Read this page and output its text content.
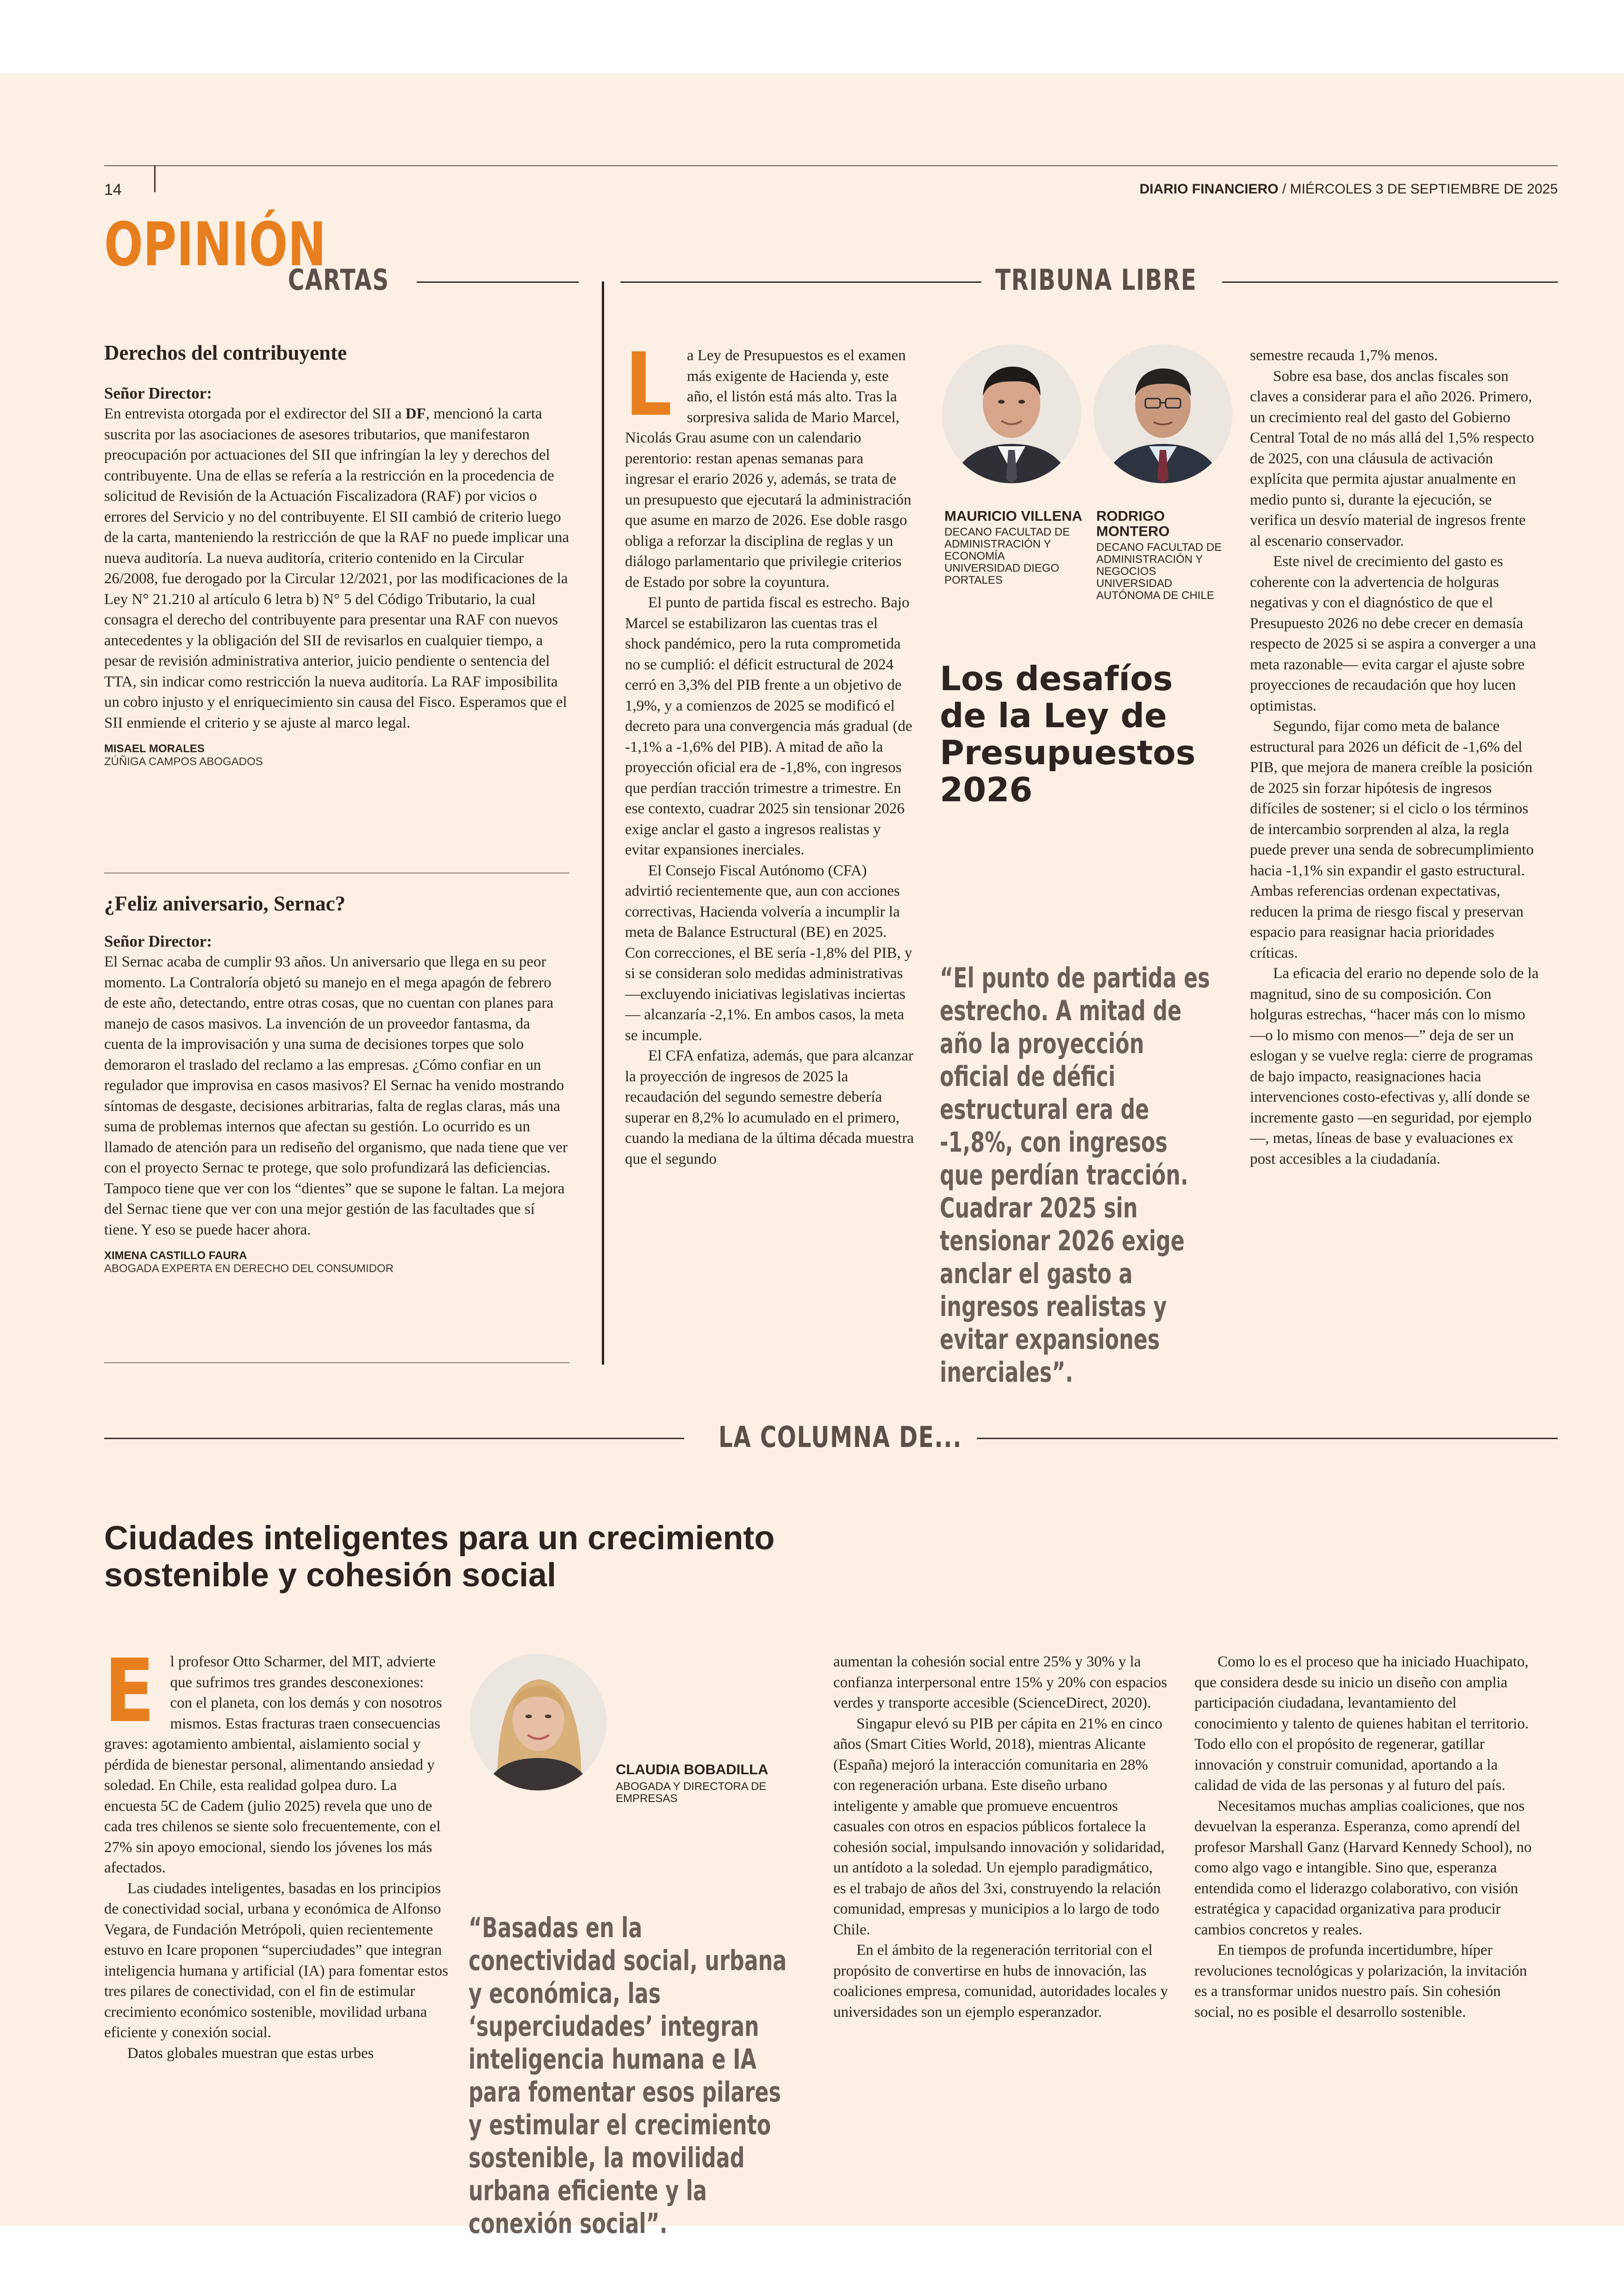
14	DIARIO FINANCIERO / MIÉRCOLES 3 DE SEPTIEMBRE DE 2025
OPINIÓN
CARTAS
Derechos del contribuyente
Señor Director:
En entrevista otorgada por el exdirector del SII a DF, mencionó la carta suscrita por las asociaciones de asesores tributarios, que manifestaron preocupación por actuaciones del SII que infringían la ley y derechos del contribuyente. Una de ellas se refería a la restricción en la procedencia de solicitud de Revisión de la Actuación Fiscalizadora (RAF) por vicios o errores del Servicio y no del contribuyente. El SII cambió de criterio luego de la carta, manteniendo la restricción de que la RAF no puede implicar una nueva auditoría. La nueva auditoría, criterio contenido en la Circular 26/2008, fue derogado por la Circular 12/2021, por las modificaciones de la Ley N° 21.210 al artículo 6 letra b) N° 5 del Código Tributario, la cual consagra el derecho del contribuyente para presentar una RAF con nuevos antecedentes y la obligación del SII de revisarlos en cualquier tiempo, a pesar de revisión administrativa anterior, juicio pendiente o sentencia del TTA, sin indicar como restricción la nueva auditoría. La RAF imposibilita un cobro injusto y el enriquecimiento sin causa del Fisco. Esperamos que el SII enmiende el criterio y se ajuste al marco legal.
MISAEL MORALES
ZÚÑIGA CAMPOS ABOGADOS
¿Feliz aniversario, Sernac?
Señor Director:
El Sernac acaba de cumplir 93 años. Un aniversario que llega en su peor momento. La Contraloría objetó su manejo en el mega apagón de febrero de este año, detectando, entre otras cosas, que no cuentan con planes para manejo de casos masivos. La invención de un proveedor fantasma, da cuenta de la improvisación y una suma de decisiones torpes que solo demoraron el traslado del reclamo a las empresas. ¿Cómo confiar en un regulador que improvisa en casos masivos? El Sernac ha venido mostrando síntomas de desgaste, decisiones arbitrarias, falta de reglas claras, más una suma de problemas internos que afectan su gestión. Lo ocurrido es un llamado de atención para un rediseño del organismo, que nada tiene que ver con el proyecto Sernac te protege, que solo profundizará las deficiencias. Tampoco tiene que ver con los “dientes” que se supone le faltan. La mejora del Sernac tiene que ver con una mejor gestión de las facultades que sí tiene. Y eso se puede hacer ahora.
XIMENA CASTILLO FAURA
ABOGADA EXPERTA EN DERECHO DEL CONSUMIDOR
TRIBUNA LIBRE
L a Ley de Presupuestos es el examen más exigente de Hacienda y, este año, el listón está más alto. Tras la sorpresiva salida de Mario Marcel, Nicolás Grau asume con un calendario perentorio: restan apenas semanas para ingresar el erario 2026 y, además, se trata de un presupuesto que ejecutará la administración que asume en marzo de 2026. Ese doble rasgo obliga a reforzar la disciplina de reglas y un diálogo parlamentario que privilegie criterios de Estado por sobre la coyuntura.

El punto de partida fiscal es estrecho. Bajo Marcel se estabilizaron las cuentas tras el shock pandémico, pero la ruta comprometida no se cumplió: el déficit estructural de 2024 cerró en 3,3% del PIB frente a un objetivo de 1,9%, y a comienzos de 2025 se modificó el decreto para una convergencia más gradual (de -1,1% a -1,6% del PIB). A mitad de año la proyección oficial era de -1,8%, con ingresos que perdían tracción trimestre a trimestre. En ese contexto, cuadrar 2025 sin tensionar 2026 exige anclar el gasto a ingresos realistas y evitar expansiones inerciales.

El Consejo Fiscal Autónomo (CFA) advirtió recientemente que, aun con acciones correctivas, Hacienda volvería a incumplir la meta de Balance Estructural (BE) en 2025. Con correcciones, el BE sería -1,8% del PIB, y si se consideran solo medidas administrativas —excluyendo iniciativas legislativas inciertas— alcanzaría -2,1%. En ambos casos, la meta se incumple.

El CFA enfatiza, además, que para alcanzar la proyección de ingresos de 2025 la recaudación del segundo semestre debería superar en 8,2% lo acumulado en el primero, cuando la mediana de la última década muestra que el segundo

MAURICIO VILLENA
DECANO FACULTAD DE ADMINISTRACIÓN Y ECONOMÍA UNIVERSIDAD DIEGO PORTALES
RODRIGO MONTERO
DECANO FACULTAD DE ADMINISTRACIÓN Y NEGOCIOS UNIVERSIDAD AUTÓNOMA DE CHILE
Los desafíos de la Ley de Presupuestos 2026
“El punto de partida es estrecho. A mitad de año la proyección oficial de défici estructural era de -1,8%, con ingresos que perdían tracción. Cuadrar 2025 sin tensionar 2026 exige anclar el gasto a ingresos realistas y evitar expansiones inerciales”.

semestre recauda 1,7% menos.

Sobre esa base, dos anclas fiscales son claves a considerar para el año 2026. Primero, un crecimiento real del gasto del Gobierno Central Total de no más allá del 1,5% respecto de 2025, con una cláusula de activación explícita que permita ajustar anualmente en medio punto si, durante la ejecución, se verifica un desvío material de ingresos frente al escenario conservador.

Este nivel de crecimiento del gasto es coherente con la advertencia de holguras negativas y con el diagnóstico de que el Presupuesto 2026 no debe crecer en demasía respecto de 2025 si se aspira a converger a una meta razonable— evita cargar el ajuste sobre proyecciones de recaudación que hoy lucen optimistas.

Segundo, fijar como meta de balance estructural para 2026 un déficit de -1,6% del PIB, que mejora de manera creíble la posición de 2025 sin forzar hipótesis de ingresos difíciles de sostener; si el ciclo o los términos de intercambio sorprenden al alza, la regla puede prever una senda de sobrecumplimiento hacia -1,1% sin expandir el gasto estructural. Ambas referencias ordenan expectativas, reducen la prima de riesgo fiscal y preservan espacio para reasignar hacia prioridades críticas.

La eficacia del erario no depende solo de la magnitud, sino de su composición. Con holguras estrechas, “hacer más con lo mismo —o lo mismo con menos—” deja de ser un eslogan y se vuelve regla: cierre de programas de bajo impacto, reasignaciones hacia intervenciones costo-efectivas y, allí donde se incremente gasto —en seguridad, por ejemplo—, metas, líneas de base y evaluaciones ex post accesibles a la ciudadanía.

LA COLUMNA DE...
Ciudades inteligentes para un crecimiento sostenible y cohesión social
E	l profesor Otto Scharmer, del MIT, advierte que sufrimos tres grandes desconexiones: con el planeta, con los demás y con nosotros mismos. Estas fracturas traen consecuencias graves: agotamiento ambiental, aislamiento social y pérdida de bienestar personal, alimentando ansiedad y soledad. En Chile, esta realidad golpea duro. La encuesta 5C de Cadem (julio 2025) revela que uno de cada tres chilenos se siente solo frecuentemente, con el 27% sin apoyo emocional, siendo los jóvenes los más afectados.

Las ciudades inteligentes, basadas en los principios de conectividad social, urbana y económica de Alfonso Vegara, de Fundación Metrópoli, quien recientemente estuvo en Icare proponen “superciudades” que integran inteligencia humana y artificial (IA) para fomentar estos tres pilares de conectividad, con el fin de estimular crecimiento económico sostenible, movilidad urbana eficiente y conexión social.

Datos globales muestran que estas urbes

CLAUDIA BOBADILLA
ABOGADA Y DIRECTORA DE EMPRESAS
“Basadas en la conectividad social, urbana y económica, las ‘superciudades’ integran inteligencia humana e IA para fomentar esos pilares y estimular el crecimiento sostenible, la movilidad urbana eficiente y la conexión social”.

aumentan la cohesión social entre 25% y 30% y la confianza interpersonal entre 15% y 20% con espacios verdes y transporte accesible (ScienceDirect, 2020).

Singapur elevó su PIB per cápita en 21% en cinco años (Smart Cities World, 2018), mientras Alicante (España) mejoró la interacción comunitaria en 28% con regeneración urbana. Este diseño urbano inteligente y amable que promueve encuentros casuales con otros en espacios públicos fortalece la cohesión social, impulsando innovación y solidaridad, un antídoto a la soledad. Un ejemplo paradigmático, es el trabajo de años del 3xi, construyendo la relación comunidad, empresas y municipios a lo largo de todo Chile.

En el ámbito de la regeneración territorial con el propósito de convertirse en hubs de innovación, las coaliciones empresa, comunidad, autoridades locales y universidades son un ejemplo esperanzador.

Como lo es el proceso que ha iniciado Huachipato, que considera desde su inicio un diseño con amplia participación ciudadana, levantamiento del conocimiento y talento de quienes habitan el territorio. Todo ello con el propósito de regenerar, gatillar innovación y construir comunidad, aportando a la calidad de vida de las personas y al futuro del país.

Necesitamos muchas amplias coaliciones, que nos devuelvan la esperanza. Esperanza, como aprendí del profesor Marshall Ganz (Harvard Kennedy School), no como algo vago e intangible. Sino que, esperanza entendida como el liderazgo colaborativo, con visión estratégica y capacidad organizativa para producir cambios concretos y reales.

En tiempos de profunda incertidumbre, híper revoluciones tecnológicas y polarización, la invitación es a transformar unidos nuestro país. Sin cohesión social, no es posible el desarrollo sostenible.
